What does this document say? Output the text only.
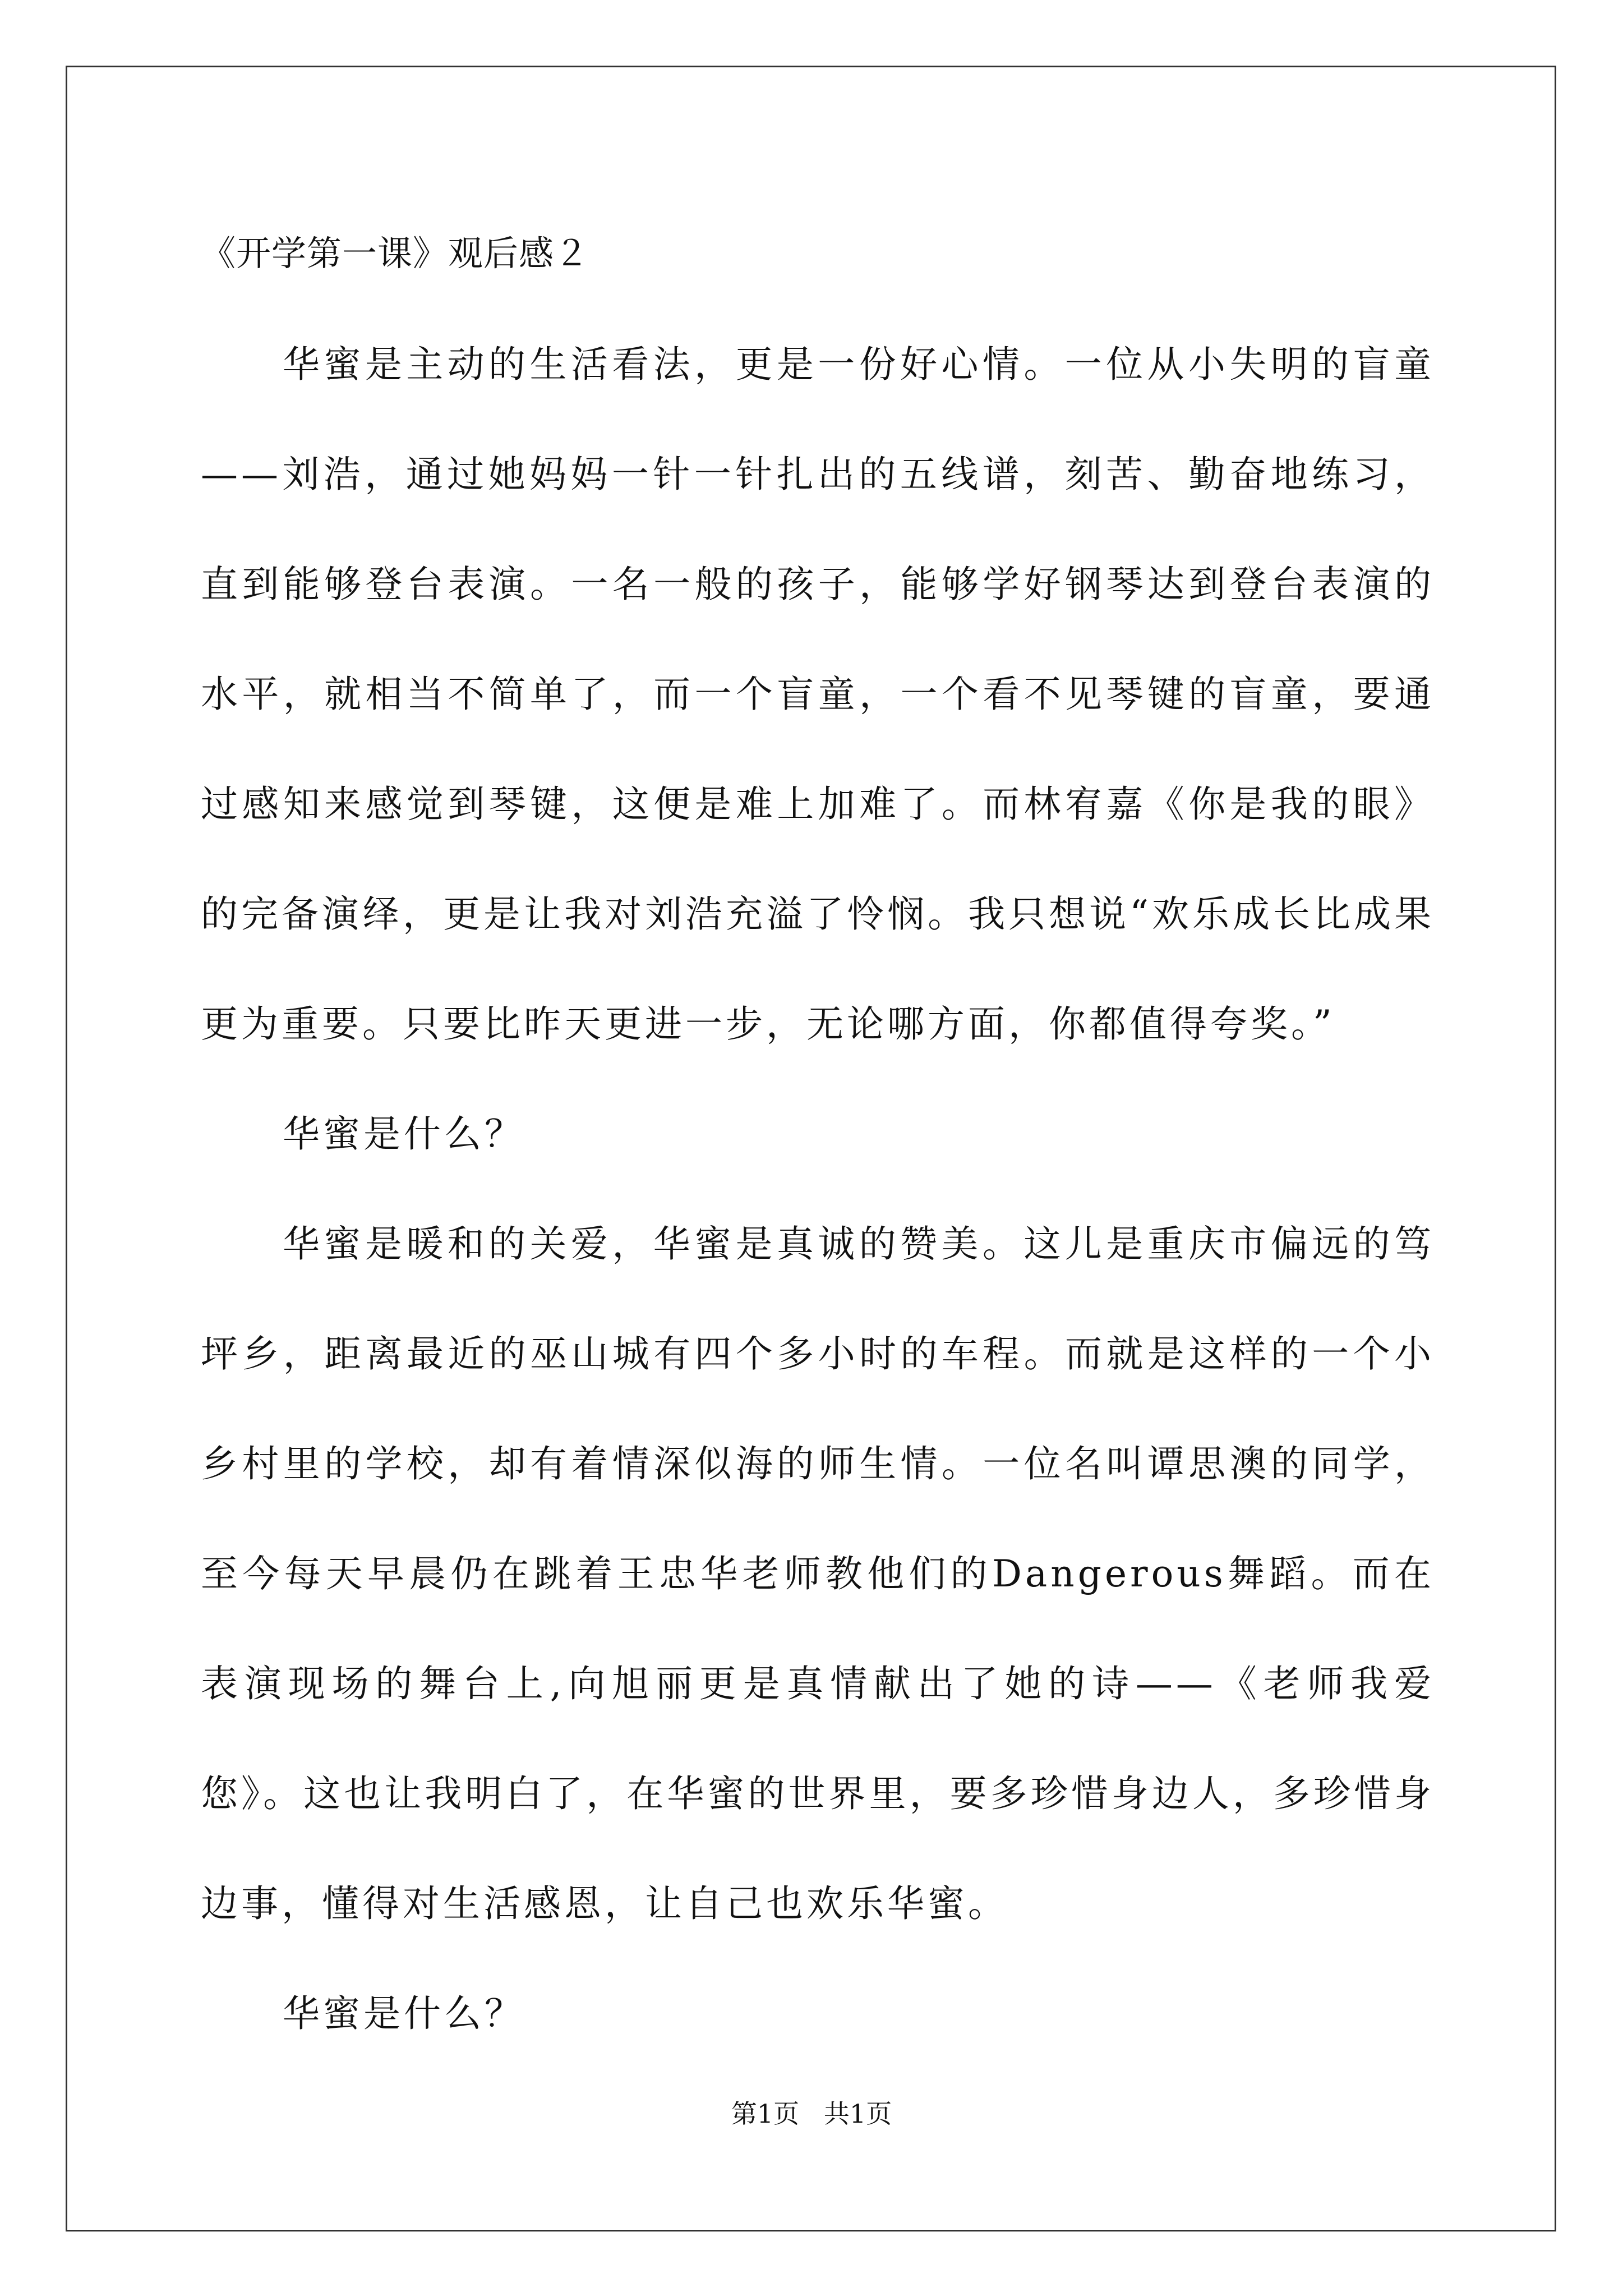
《开学第一课》观后感２

华蜜是主动的生活看法，更是一份好心情。一位从小失明的盲童——刘浩，通过她妈妈一针一针扎出的五线谱，刻苦、勤奋地练习，直到能够登台表演。一名一般的孩子，能够学好钢琴达到登台表演的水平，就相当不简单了，而一个盲童，一个看不见琴键的盲童，要通过感知来感觉到琴键，这便是难上加难了。而林宥嘉《你是我的眼》的完备演绎，更是让我对刘浩充溢了怜悯。我只想说“欢乐成长比成果更为重要。只要比昨天更进一步，无论哪方面，你都值得夸奖。”

华蜜是什么？

华蜜是暖和的关爱，华蜜是真诚的赞美。这儿是重庆市偏远的笃坪乡，距离最近的巫山城有四个多小时的车程。而就是这样的一个小乡村里的学校，却有着情深似海的师生情。一位名叫谭思澳的同学，至今每天早晨仍在跳着王忠华老师教他们的Dangerous舞蹈。而在表演现场的舞台上,向旭丽更是真情献出了她的诗——《老师我爱您》。这也让我明白了，在华蜜的世界里，要多珍惜身边人，多珍惜身边事，懂得对生活感恩，让自己也欢乐华蜜。

华蜜是什么？

第1页   共1页
